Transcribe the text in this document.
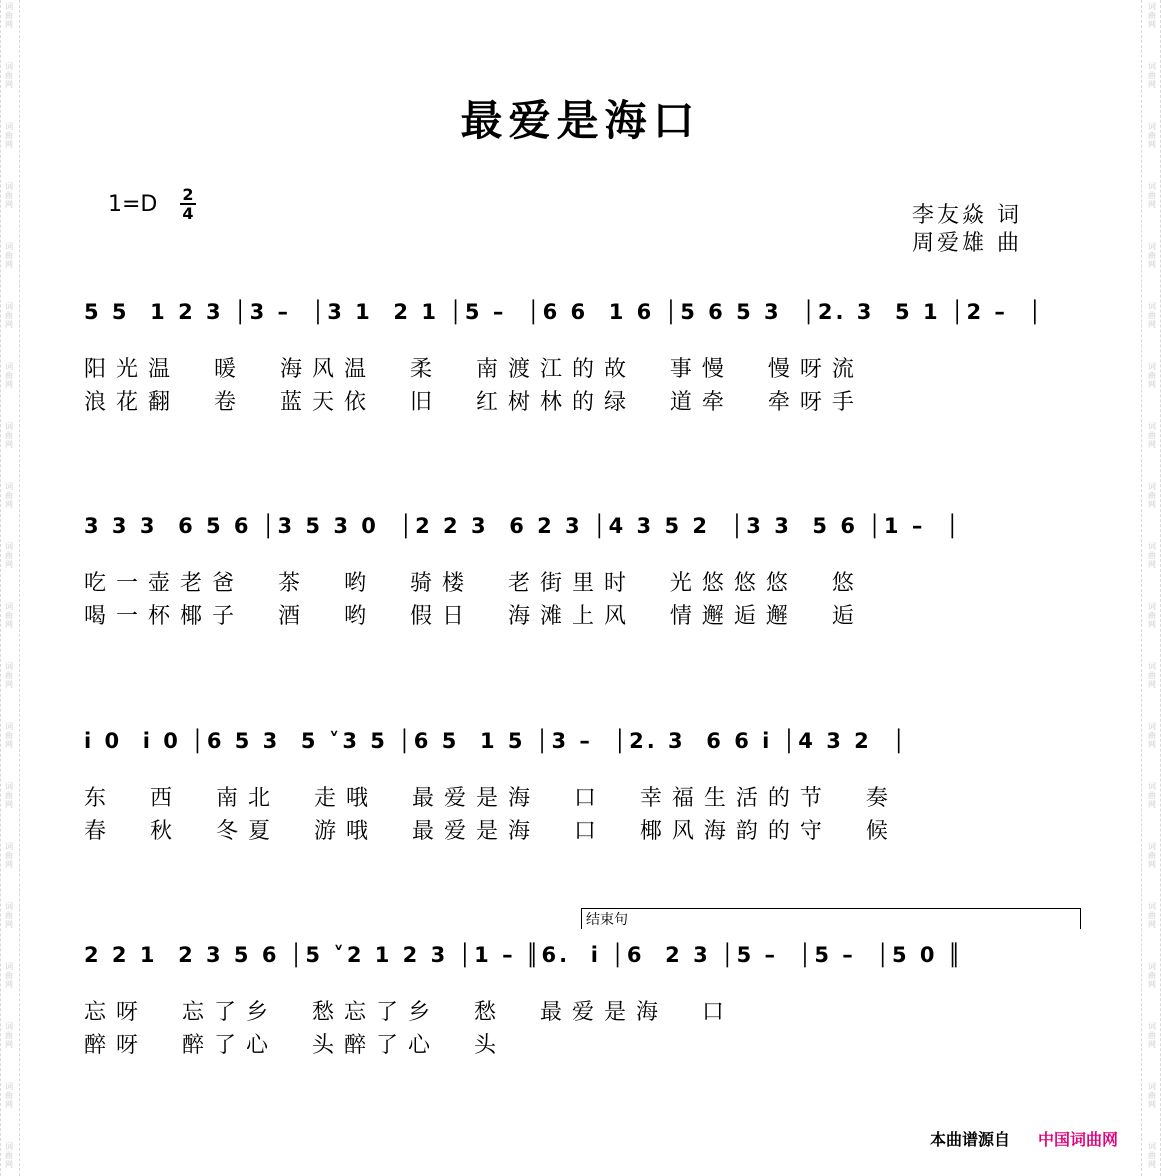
词
曲
网
词
曲
网
词
曲
网
词
曲
网
词
曲
网
词
曲
网
词
曲
网
词
曲
网
词
曲
网
词
曲
网
词
曲
网
词
曲
网
词
曲
网
词
曲
网
词
曲
网
词
曲
网
词
曲
网
词
曲
网
词
曲
网
词
曲
网
词
曲
网
词
曲
网
词
曲
网
词
曲
网
词
曲
网
词
曲
网
词
曲
网
词
曲
网
词
曲
网
词
曲
网
词
曲
网
词
曲
网
词
曲
网
词
曲
网
词
曲
网
词
曲
网
词
曲
网
词
曲
网
词
曲
网
词
曲
网
最爱是海口
1=D 2
4	李友焱 词
周爱雄 曲
5 5  1 2 3 │3 –  │3 1  2 1 │5 –  │6 6  1 6 │5 6 5 3  │2. 3  5 1 │2 –  │
阳光温  暖  海风温  柔  南渡江的故  事慢  慢呀流
浪花翻  卷  蓝天依  旧  红树林的绿  道牵  牵呀手
3 3 3  6 5 6 │3 5 3 0  │2 2 3  6 2 3 │4 3 5 2  │3 3  5 6 │1 –  │
吃一壶老爸  茶  哟  骑楼  老街里时  光悠悠悠  悠
喝一杯椰子  酒  哟  假日  海滩上风  情邂逅邂  逅
i 0  i 0 │6 5 3  5 ˅3 5 │6 5  1 5 │3 –  │2. 3  6 6 i │4 3 2  │
东  西  南北  走哦  最爱是海  口  幸福生活的节  奏
春  秋  冬夏  游哦  最爱是海  口  椰风海韵的守  候
结束句
2 2 1  2 3 5 6 │5 ˅2 1 2 3 │1 – ║6.  i │6  2 3 │5 –  │5 –  │5 0 ║
忘呀  忘了乡  愁忘了乡  愁  最爱是海  口
醉呀  醉了心  头醉了心  头
本曲谱源自 中国词曲网
